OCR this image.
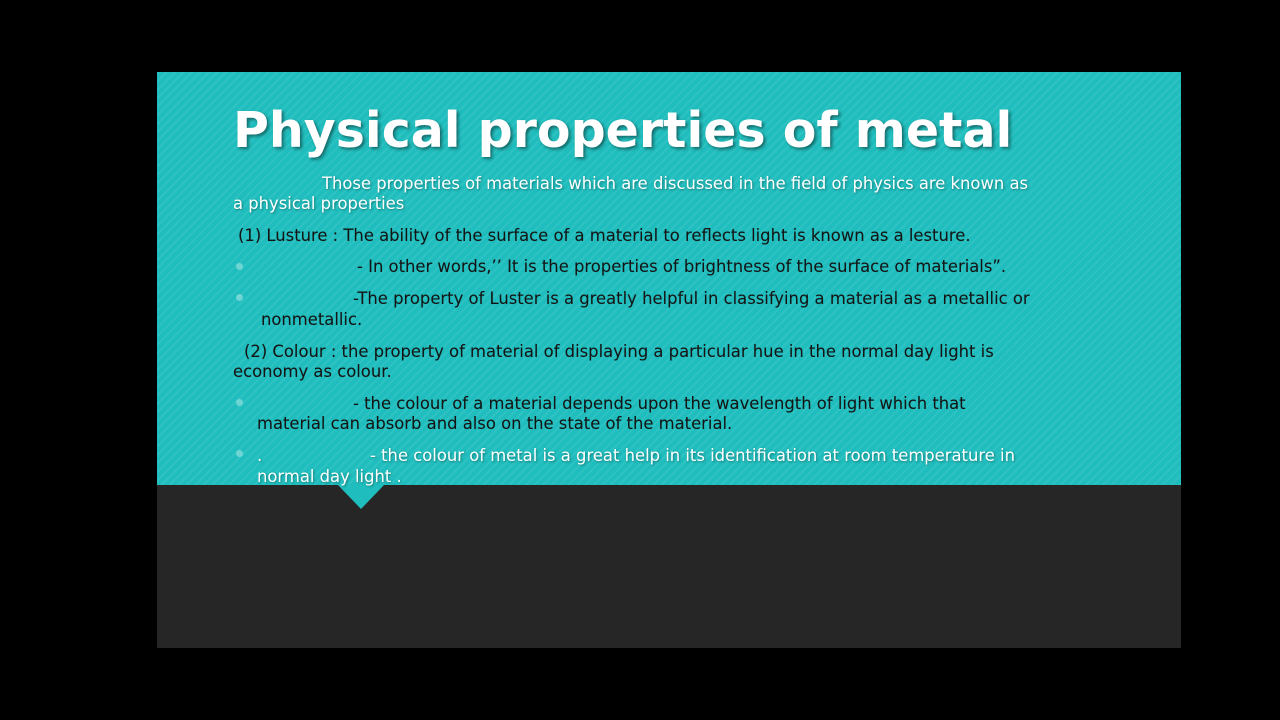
Physical properties of metal

Those properties of materials which are discussed in the field of physics are known as

a physical properties

(1) Lusture : The ability of the surface of a material to reflects light is known as a lesture.

- In other words,’’ It is the properties of brightness of the surface of materials”.

-The property of Luster is a greatly helpful in classifying a material as a metallic or

nonmetallic.

(2) Colour : the property of material of displaying a particular hue in the normal day light is

economy as colour.

- the colour of a material depends upon the wavelength of light which that

material can absorb and also on the state of the material.

.	- the colour of metal is a great help in its identification at room temperature in

normal day light .
